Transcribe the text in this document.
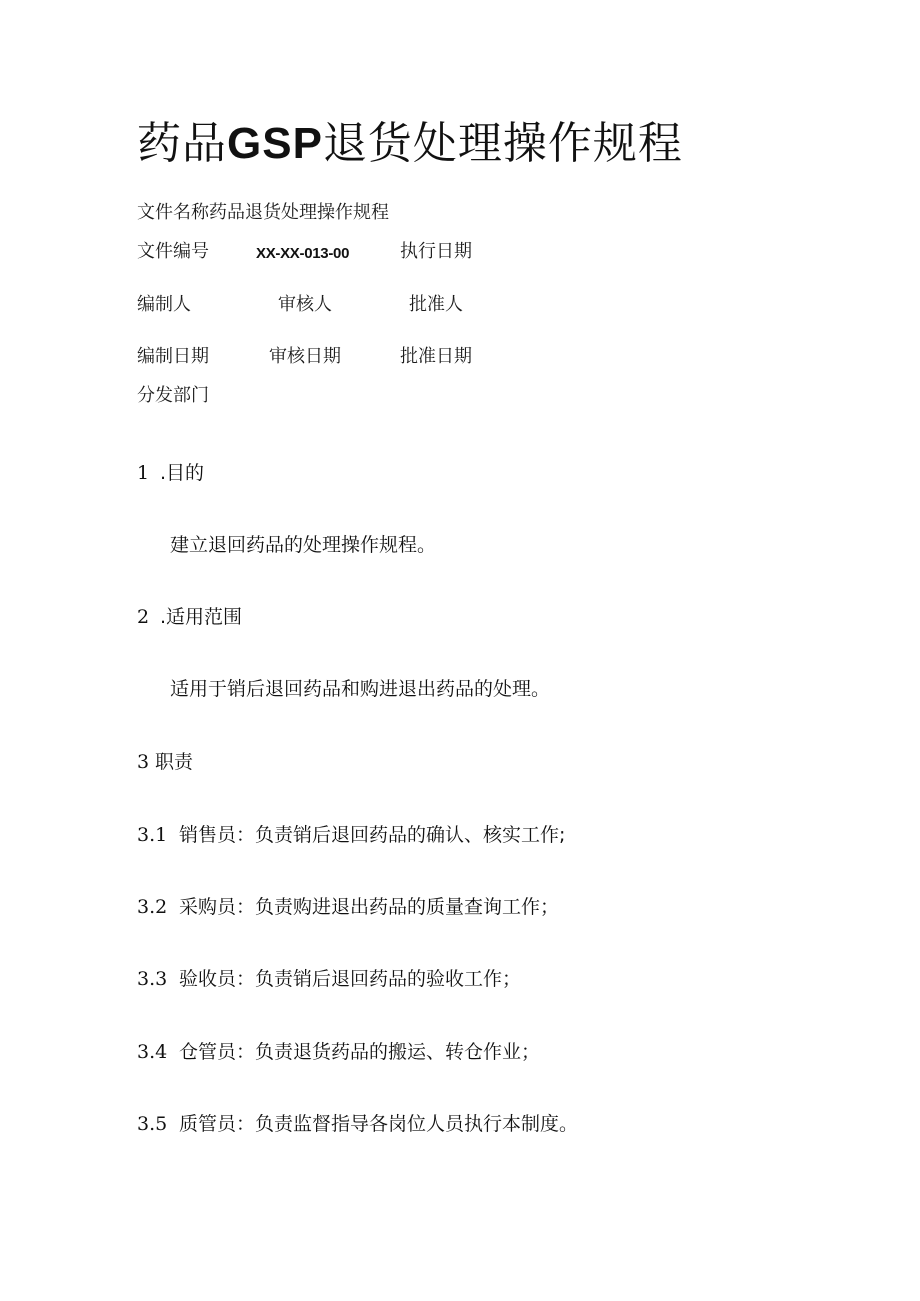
药品GSP退货处理操作规程
文件名称药品退货处理操作规程
文件编号	XX-XX-013-00	执行日期
编制人	审核人	批准人
编制日期	审核日期	批准日期
分发部门
1 .目的
建立退回药品的处理操作规程。
2 .适用范围
适用于销后退回药品和购进退出药品的处理。
3 职责
3.1 销售员：负责销后退回药品的确认、核实工作;
3.2 采购员：负责购进退出药品的质量查询工作；
3.3 验收员：负责销后退回药品的验收工作；
3.4 仓管员：负责退货药品的搬运、转仓作业；
3.5 质管员：负责监督指导各岗位人员执行本制度。
